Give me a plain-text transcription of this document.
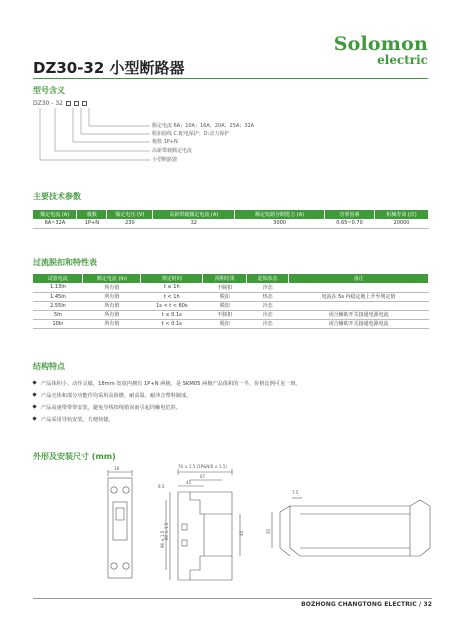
Solomon
electric
DZ30-32 小型断路器
型号含义
DZ30 - 32
额定电流 6A；10A；16A；20A；25A；32A
脱扣曲线 C:配电保护；D:动力保护
极数 1P+N
高新带载额定电流
小型断路器
主要技术参数
额定电流 (A)	极数	额定电压 (V)	高新带载额定电流 (A)	额定短路分断能力 (A)	功率因素	机械寿命 (次)
6A~32A	1P+N	230	32	3000	0.65~0.70	20000
过流脱扣和特性表
试验电流	额定电流 (In)	规定时间	预期结果	起始状态	备注
1.13In	所有值	t ≤ 1h	不脱扣	冷态	
1.45In	所有值	t < 1h	脱扣	热态	电流在 5s 内稳定地上升至规定值
2.55In	所有值	1s < t < 60s	脱扣	冷态	
5In	所有值	t ≤ 0.1s	不脱扣	冷态	闭合辅助开关接通电源电流
10In	所有值	t < 0.1s	脱扣	冷态	闭合辅助开关接通电源电流
结构特点
产品体积小、动作灵敏，18mm 宽度内拥有 1P+N 两极，是 SKM05 两极产品体积的一半，价格比例可见一斑。
产品壳体和部分功能件均采用高阻燃、耐高温、耐冲击塑料制成。
产品高速带带带安装，避免导线按线错误而引起的触电危险。
产品采用导轨安装，方便快捷。
外形及安装尺寸 (mm)
18	70 ± 1.5 (1P&N/6 ± 1.5)
67
45
9.5
80 ± 1.5
96 ± 1.5	45
7.5
35
BOZHONG CHANGTONG ELECTRIC / 32
